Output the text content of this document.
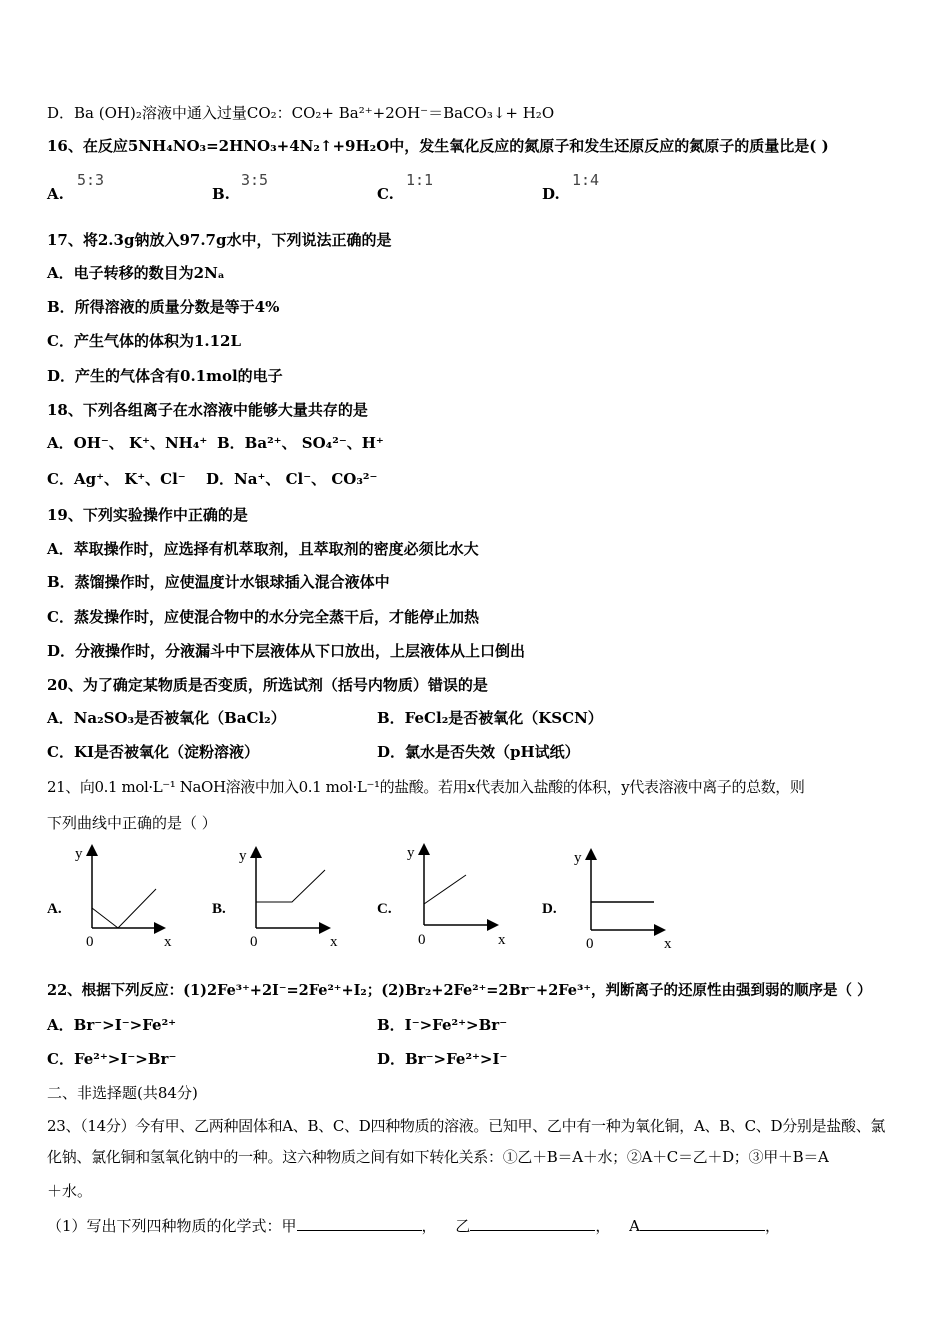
D．Ba (OH)₂溶液中通入过量CO₂：CO₂+ Ba²⁺+2OH⁻＝BaCO₃↓+ H₂O
16、在反应5NH₄NO₃=2HNO₃+4N₂↑+9H₂O中，发生氧化反应的氮原子和发生还原反应的氮原子的质量比是( )
A.
5:3
B.
3:5
C.
1:1
D.
1:4
17、将2.3g钠放入97.7g水中，下列说法正确的是
A．电子转移的数目为2Nₐ
B．所得溶液的质量分数是等于4%
C．产生气体的体积为1.12L
D．产生的气体含有0.1mol的电子
18、下列各组离子在水溶液中能够大量共存的是
A．OH⁻、 K⁺、NH₄⁺ B．Ba²⁺、 SO₄²⁻、H⁺
C．Ag⁺、 K⁺、Cl⁻ D．Na⁺、 Cl⁻、 CO₃²⁻
19、下列实验操作中正确的是
A．萃取操作时，应选择有机萃取剂，且萃取剂的密度必须比水大
B．蒸馏操作时，应使温度计水银球插入混合液体中
C．蒸发操作时，应使混合物中的水分完全蒸干后，才能停止加热
D．分液操作时，分液漏斗中下层液体从下口放出，上层液体从上口倒出
20、为了确定某物质是否变质，所选试剂（括号内物质）错误的是
A．Na₂SO₃是否被氧化（BaCl₂）	B．FeCl₂是否被氧化（KSCN）
C．KI是否被氧化（淀粉溶液）	D．氯水是否失效（pH试纸）
21、向0.1 mol·L⁻¹ NaOH溶液中加入0.1 mol·L⁻¹的盐酸。若用x代表加入盐酸的体积，y代表溶液中离子的总数，则
下列曲线中正确的是（ ）
A.
y
0	x
B.
y
0	x
C.
y
0	x
D.
y
0	x
22、根据下列反应：(1)2Fe³⁺+2I⁻=2Fe²⁺+I₂；(2)Br₂+2Fe²⁺=2Br⁻+2Fe³⁺，判断离子的还原性由强到弱的顺序是（ ）
A．Br⁻>I⁻>Fe²⁺	B．I⁻>Fe²⁺>Br⁻
C．Fe²⁺>I⁻>Br⁻	D．Br⁻>Fe²⁺>I⁻
二、非选择题(共84分)
23、（14分）今有甲、乙两种固体和A、B、C、D四种物质的溶液。已知甲、乙中有一种为氧化铜，A、B、C、D分别是盐酸、氯
化钠、氯化铜和氢氧化钠中的一种。这六种物质之间有如下转化关系：①乙＋B＝A＋水；②A＋C＝乙＋D；③甲＋B＝A
＋水。
（1）写出下列四种物质的化学式：甲	， 乙	， A	，
